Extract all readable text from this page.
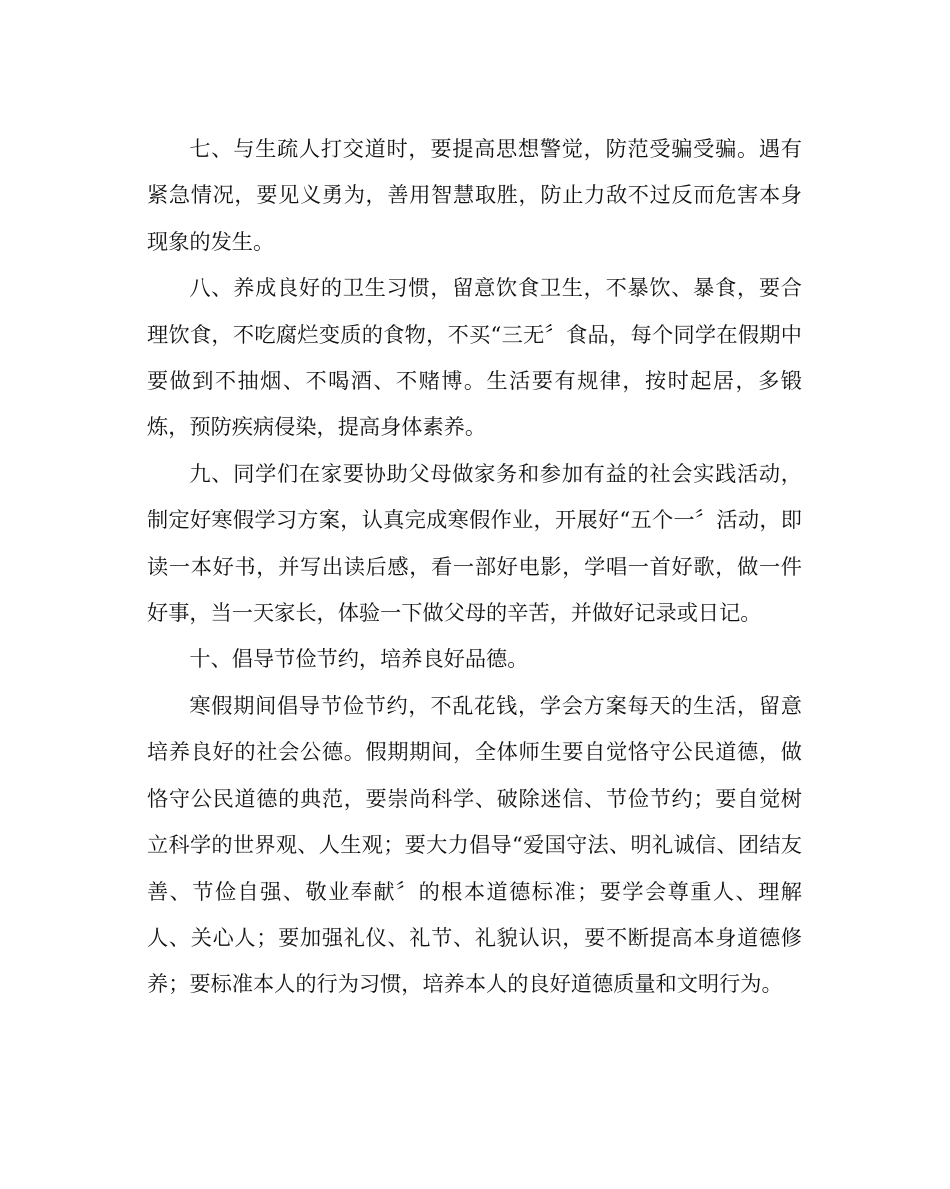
七、与生疏人打交道时，要提高思想警觉，防范受骗受骗。遇有紧急情况，要见义勇为，善用智慧取胜，防止力敌不过反而危害本身现象的发生。

八、养成良好的卫生习惯，留意饮食卫生，不暴饮、暴食，要合理饮食，不吃腐烂变质的食物，不买“三无〞食品，每个同学在假期中要做到不抽烟、不喝酒、不赌博。生活要有规律，按时起居，多锻炼，预防疾病侵染，提高身体素养。

九、同学们在家要协助父母做家务和参加有益的社会实践活动，制定好寒假学习方案，认真完成寒假作业，开展好“五个一〞活动，即读一本好书，并写出读后感，看一部好电影，学唱一首好歌，做一件好事，当一天家长，体验一下做父母的辛苦，并做好记录或日记。

十、倡导节俭节约，培养良好品德。

寒假期间倡导节俭节约，不乱花钱，学会方案每天的生活，留意培养良好的社会公德。假期期间，全体师生要自觉恪守公民道德，做恪守公民道德的典范，要崇尚科学、破除迷信、节俭节约；要自觉树立科学的世界观、人生观；要大力倡导“爱国守法、明礼诚信、团结友善、节俭自强、敬业奉献〞的根本道德标准；要学会尊重人、理解人、关心人；要加强礼仪、礼节、礼貌认识，要不断提高本身道德修养；要标准本人的行为习惯，培养本人的良好道德质量和文明行为。
